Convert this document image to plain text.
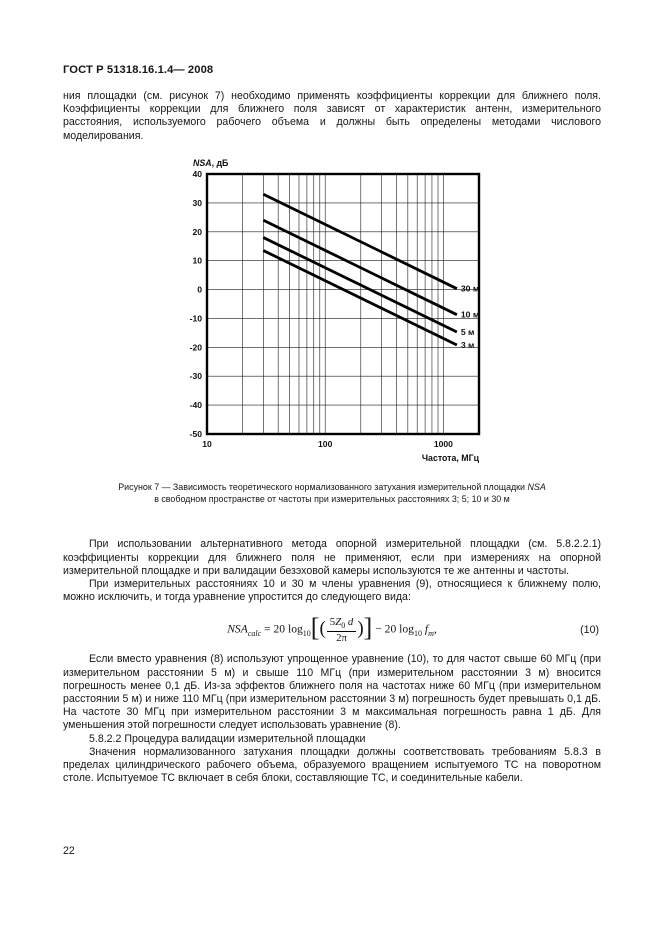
ГОСТ Р 51318.16.1.4— 2008

ния площадки (см. рисунок 7) необходимо применять коэффициенты коррекции для ближнего поля. Коэффициенты коррекции для ближнего поля зависят от характеристик антенн, измерительного расстояния, используемого рабочего объема и должны быть определены методами числового моделирования.

40
30
20
10
0
-10
-20
-30
-40
-50
10	100	1000
30 м
10 м
5 м
3 м
NSA, дБ
Частота, МГц
Рисунок 7 — Зависимость теоретического нормализованного затухания измерительной площадки NSA
в свободном пространстве от частоты при измерительных расстояниях 3; 5; 10 и 30 м

При использовании альтернативного метода опорной измерительной площадки (см. 5.8.2.2.1) коэффициенты коррекции для ближнего поля не применяют, если при измерениях на опорной измерительной площадке и при валидации безэховой камеры используются те же антенны и частоты.

При измерительных расстояниях 10 и 30 м члены уравнения (9), относящиеся к ближнему полю, можно исключить, и тогда уравнение упростится до следующего вида:

$NSA_{calc} = 20$ $\log_{10}[( \frac{5Z_0 d}{2\pi}$ )] − 20 $\log_{10} f_m$,	(10)

Если вместо уравнения (8) используют упрощенное уравнение (10), то для частот свыше 60 МГц (при измерительном расстоянии 5 м) и свыше 110 МГц (при измерительном расстоянии 3 м) вносится погрешность менее 0,1 дБ. Из-за эффектов ближнего поля на частотах ниже 60 МГц (при измерительном расстоянии 5 м) и ниже 110 МГц (при измерительном расстоянии 3 м) погрешность будет превышать 0,1 дБ. На частоте 30 МГц при измерительном расстоянии 3 м максимальная погрешность равна 1 дБ. Для уменьшения этой погрешности следует использовать уравнение (8).

5.8.2.2 Процедура валидации измерительной площадки

Значения нормализованного затухания площадки должны соответствовать требованиям 5.8.3 в пределах цилиндрического рабочего объема, образуемого вращением испытуемого ТС на поворотном столе. Испытуемое ТС включает в себя блоки, составляющие ТС, и соединительные кабели.

22
